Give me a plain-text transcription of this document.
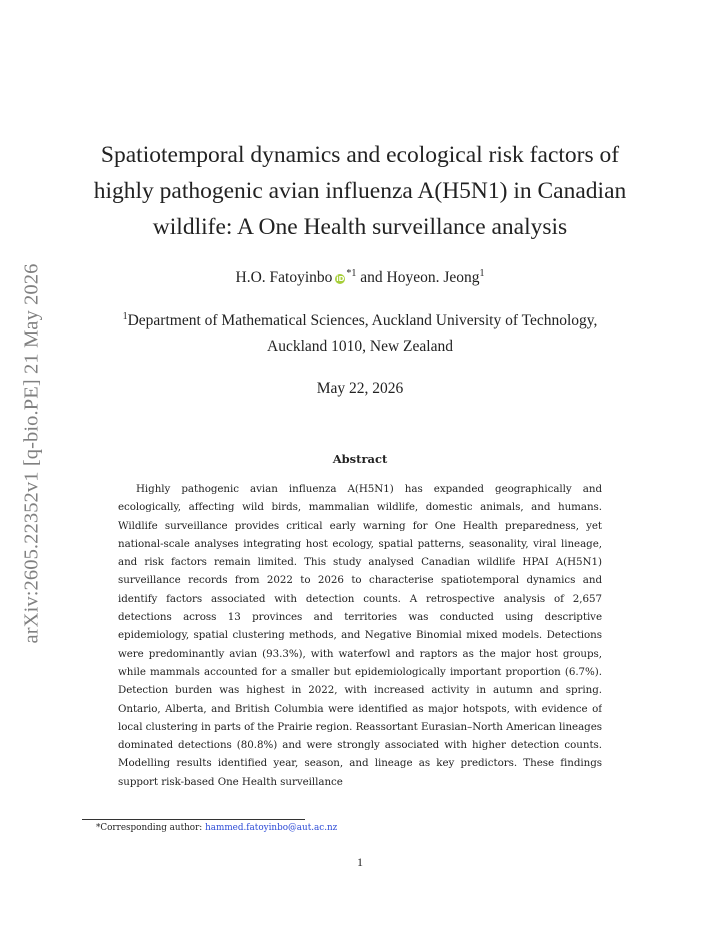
arXiv:2605.22352v1 [q-bio.PE] 21 May 2026
Spatiotemporal dynamics and ecological risk factors of
highly pathogenic avian influenza A(H5N1) in Canadian
wildlife: A One Health surveillance analysis
H.O. Fatoyinbo $iD^{*1}$ and Hoyeon. Jeong$^1$
$^1$Department of Mathematical Sciences, Auckland University of Technology,
Auckland 1010, New Zealand
May 22, 2026
Abstract

Highly pathogenic avian influenza A(H5N1) has expanded geographically and ecologically, affecting wild birds, mammalian wildlife, domestic animals, and humans. Wildlife surveillance provides critical early warning for One Health preparedness, yet national-scale analyses integrating host ecology, spatial patterns, seasonality, viral lineage, and risk factors remain limited. This study analysed Canadian wildlife HPAI A(H5N1) surveillance records from 2022 to 2026 to characterise spatiotemporal dynamics and identify factors associated with detection counts. A retrospective analysis of 2,657 detections across 13 provinces and territories was conducted using descriptive epidemiology, spatial clustering methods, and Negative Binomial mixed models. Detections were predominantly avian (93.3%), with waterfowl and raptors as the major host groups, while mammals accounted for a smaller but epidemiologically important proportion (6.7%). Detection burden was highest in 2022, with increased activity in autumn and spring. Ontario, Alberta, and British Columbia were identified as major hotspots, with evidence of local clustering in parts of the Prairie region. Reassortant Eurasian–North American lineages dominated detections (80.8%) and were strongly associated with higher detection counts. Modelling results identified year, season, and lineage as key predictors. These findings support risk-based One Health surveillance

*Corresponding author: hammed.fatoyinbo@aut.ac.nz
1
